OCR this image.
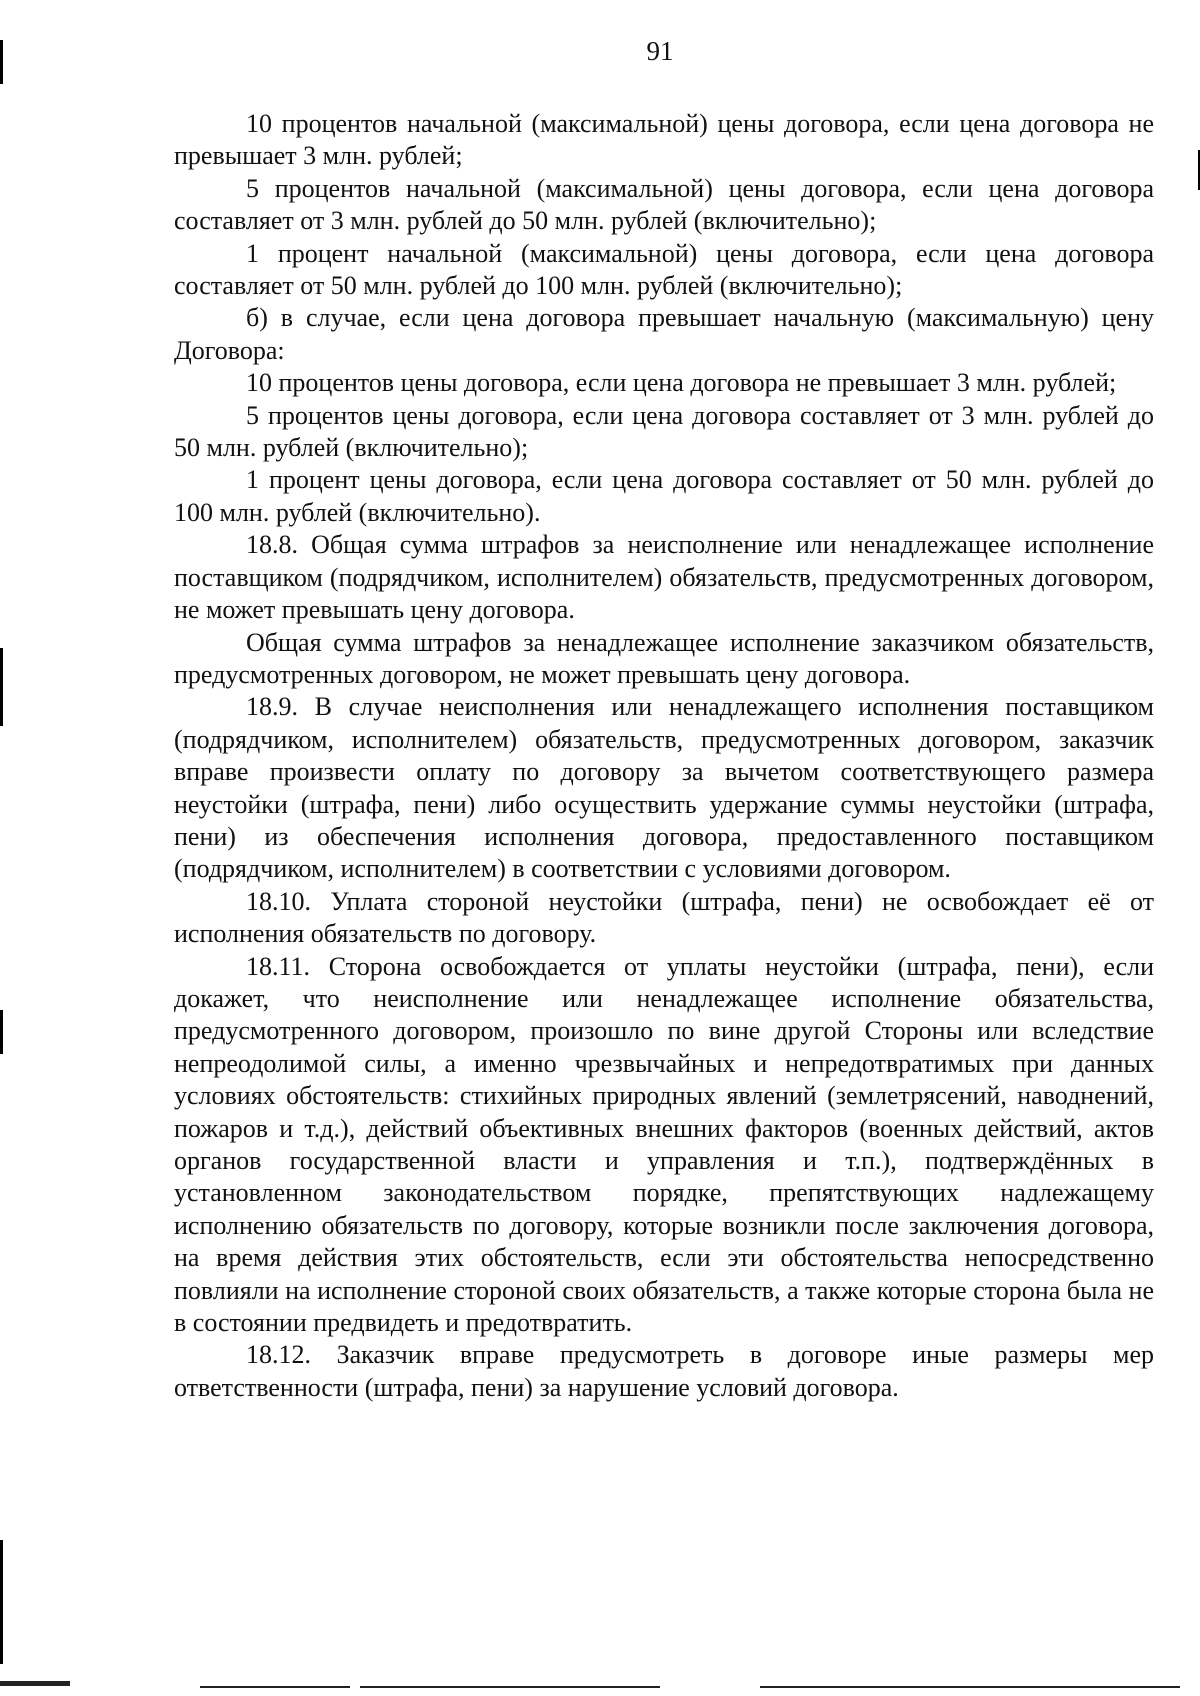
91

10 процентов начальной (максимальной) цены договора, если цена договора не превышает 3 млн. рублей;

5 процентов начальной (максимальной) цены договора, если цена договора составляет от 3 млн. рублей до 50 млн. рублей (включительно);

1 процент начальной (максимальной) цены договора, если цена договора составляет от 50 млн. рублей до 100 млн. рублей (включительно);

б) в случае, если цена договора превышает начальную (максимальную) цену Договора:

10 процентов цены договора, если цена договора не превышает 3 млн. рублей;

5 процентов цены договора, если цена договора составляет от 3 млн. рублей до 50 млн. рублей (включительно);

1 процент цены договора, если цена договора составляет от 50 млн. рублей до 100 млн. рублей (включительно).

18.8. Общая сумма штрафов за неисполнение или ненадлежащее исполнение поставщиком (подрядчиком, исполнителем) обязательств, предусмотренных договором, не может превышать цену договора.

Общая сумма штрафов за ненадлежащее исполнение заказчиком обязательств, предусмотренных договором, не может превышать цену договора.

18.9. В случае неисполнения или ненадлежащего исполнения поставщиком (подрядчиком, исполнителем) обязательств, предусмотренных договором, заказчик вправе произвести оплату по договору за вычетом соответствующего размера неустойки (штрафа, пени) либо осуществить удержание суммы неустойки (штрафа, пени) из обеспечения исполнения договора, предоставленного поставщиком (подрядчиком, исполнителем) в соответствии с условиями договором.

18.10. Уплата стороной неустойки (штрафа, пени) не освобождает её от исполнения обязательств по договору.

18.11. Сторона освобождается от уплаты неустойки (штрафа, пени), если докажет, что неисполнение или ненадлежащее исполнение обязательства, предусмотренного договором, произошло по вине другой Стороны или вследствие непреодолимой силы, а именно чрезвычайных и непредотвратимых при данных условиях обстоятельств: стихийных природных явлений (землетрясений, наводнений, пожаров и т.д.), действий объективных внешних факторов (военных действий, актов органов государственной власти и управления и т.п.), подтверждённых в установленном законодательством порядке, препятствующих надлежащему исполнению обязательств по договору, которые возникли после заключения договора, на время действия этих обстоятельств, если эти обстоятельства непосредственно повлияли на исполнение стороной своих обязательств, а также которые сторона была не в состоянии предвидеть и предотвратить.

18.12. Заказчик вправе предусмотреть в договоре иные размеры мер ответственности (штрафа, пени) за нарушение условий договора.
